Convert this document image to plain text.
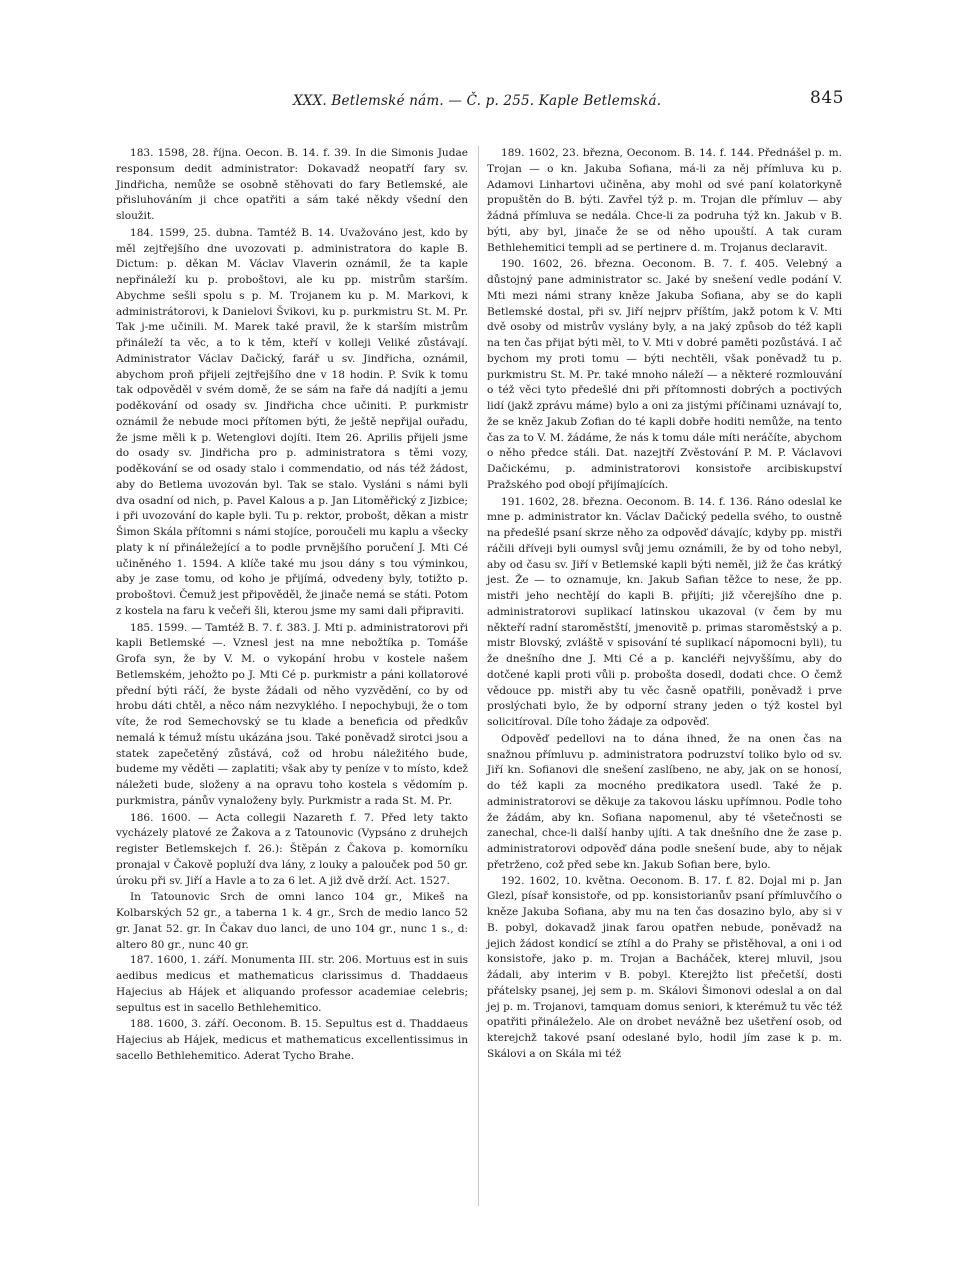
XXX. Betlemské nám. — Č. p. 255. Kaple Betlemská.	845

183. 1598, 28. října. Oecon. B. 14. f. 39. In die Simonis Judae responsum dedit administrator: Dokavadž neopatří fary sv. Jindřicha, nemůže se osobně stěhovati do fary Betlemské, ale přisluhováním ji chce opatřiti a sám také někdy všední den sloužit.

184. 1599, 25. dubna. Tamtéž B. 14. Uvažováno jest, kdo by měl zejtřejšího dne uvozovati p. administratora do kaple B. Dictum: p. děkan M. Václav Vlaverin oznámil, že ta kaple nepřináleží ku p. proboštovi, ale ku pp. mistrům starším. Abychme sešli spolu s p. M. Trojanem ku p. M. Markovi, k administrátorovi, k Danielovi Švikovi, ku p. purkmistru St. M. Pr. Tak j-me učinili. M. Marek také pravil, že k starším mistrům přináleží ta věc, a to k těm, kteří v kolleji Veliké zůstávají. Administrator Václav Dačický, farář u sv. Jindřicha, oznámil, abychom proň přijeli zejtřejšího dne v 18 hodin. P. Svik k tomu tak odpověděl v svém domě, že se sám na faře dá nadjíti a jemu poděkování od osady sv. Jindřicha chce učiniti. P. purkmistr oznámil že nebude moci přítomen býti, že ještě nepřijal ouřadu, že jsme měli k p. Wetenglovi dojíti. Item 26. Aprilis přijeli jsme do osady sv. Jindřicha pro p. administratora s těmi vozy, poděkování se od osady stalo i commendatio, od nás též žádost, aby do Betlema uvozován byl. Tak se stalo. Vysláni s námi byli dva osadní od nich, p. Pavel Kalous a p. Jan Litoměřický z Jizbice; i při uvozování do kaple byli. Tu p. rektor, probošt, děkan a mistr Šimon Skála přítomni s námi stojíce, poroučeli mu kaplu a všecky platy k ní přináležející a to podle prvnějšího poručení J. Mti Cé učiněného 1. 1594. A klíče také mu jsou dány s tou výminkou, aby je zase tomu, od koho je přijímá, odvedeny byly, totižto p. proboštovi. Čemuž jest připověděl, že jinače nemá se státi. Potom z kostela na faru k večeři šli, kterou jsme my sami dali připraviti.

185. 1599. — Tamtéž B. 7. f. 383. J. Mti p. administratorovi při kapli Betlemské —. Vznesl jest na mne nebožtíka p. Tomáše Grofa syn, že by V. M. o vykopání hrobu v kostele našem Betlemském, jehožto po J. Mti Cé p. purkmistr a páni kollatorové přední býti ráčí, že byste žádali od něho vyzvědění, co by od hrobu dáti chtěl, a něco nám nezvyklého. I nepochybuji, že o tom víte, že rod Semechovský se tu klade a beneficia od předkův nemalá k témuž místu ukázána jsou. Také poněvadž sirotci jsou a statek zapečetěný zůstává, což od hrobu náležitého bude, budeme my věděti — zaplatiti; však aby ty peníze v to místo, kdež náležeti bude, složeny a na opravu toho kostela s vědomím p. purkmistra, pánův vynaloženy byly. Purkmistr a rada St. M. Pr.

186. 1600. — Acta collegii Nazareth f. 7. Před lety takto vycházely platové ze Žakova a z Tatounovic (Vypsáno z druhejch register Betlemskejch f. 26.): Štěpán z Čakova p. komorníku pronajal v Čakově popluží dva lány, z louky a palouček pod 50 gr. úroku při sv. Jiří a Havle a to za 6 let. A již dvě drží. Act. 1527.

In Tatounovic Srch de omni lanco 104 gr., Mikeš na Kolbarských 52 gr., a taberna 1 k. 4 gr., Srch de medio lanco 52 gr. Janat 52. gr. In Čakav duo lanci, de uno 104 gr., nunc 1 s., d: altero 80 gr., nunc 40 gr.

187. 1600, 1. září. Monumenta III. str. 206. Mortuus est in suis aedibus medicus et mathematicus clarissimus d. Thaddaeus Hajecius ab Hájek et aliquando professor academiae celebris; sepultus est in sacello Bethlehemitico.

188. 1600, 3. září. Oeconom. B. 15. Sepultus est d. Thaddaeus Hajecius ab Hájek, medicus et mathematicus excellentissimus in sacello Bethlehemitico. Aderat Tycho Brahe.

189. 1602, 23. března, Oeconom. B. 14. f. 144. Přednášel p. m. Trojan — o kn. Jakuba Sofiana, má-li za něj přímluva ku p. Adamovi Linhartovi učiněna, aby mohl od své paní kolatorkyně propuštěn do B. býti. Zavřel týž p. m. Trojan dle přímluv — aby žádná přímluva se nedála. Chce-li za podruha týž kn. Jakub v B. býti, aby byl, jinače že se od něho upouští. A tak curam Bethlehemitici templi ad se pertinere d. m. Trojanus declaravit.

190. 1602, 26. března. Oeconom. B. 7. f. 405. Velebný a důstojný pane administrator sc. Jaké by snešení vedle podání V. Mti mezi námi strany kněze Jakuba Sofiana, aby se do kapli Betlemské dostal, při sv. Jiří nejprv příštím, jakž potom k V. Mti dvě osoby od mistrův vyslány byly, a na jaký způsob do též kapli na ten čas přijat býti měl, to V. Mti v dobré paměti pozůstává. I ač bychom my proti tomu — býti nechtěli, však poněvadž tu p. purkmistru St. M. Pr. také mnoho náleží — a některé rozmlouvání o též věci tyto předešlé dni při přítomnosti dobrých a poctivých lidí (jakž zprávu máme) bylo a oni za jistými příčinami uznávají to, že se kněz Jakub Zofian do té kapli dobře hoditi nemůže, na tento čas za to V. M. žádáme, že nás k tomu dále míti neráčíte, abychom o něho předce stáli. Dat. nazejtří Zvěstování P. M. P. Václavovi Dačickému, p. administratorovi konsistoře arcibiskupství Pražského pod obojí přijímajících.

191. 1602, 28. března. Oeconom. B. 14. f. 136. Ráno odeslal ke mne p. administrator kn. Václav Dačický pedella svého, to oustně na předešlé psaní skrze něho za odpověď dávajíc, kdyby pp. mistři ráčili dříveji byli oumysl svůj jemu oznámili, že by od toho nebyl, aby od času sv. Jiří v Betlemské kapli býti neměl, již že čas krátký jest. Že — to oznamuje, kn. Jakub Safian těžce to nese, že pp. mistři jeho nechtějí do kapli B. přijíti; již včerejšího dne p. administratorovi suplikací latinskou ukazoval (v čem by mu někteří radní staroměstští, jmenovitě p. primas staroměstský a p. mistr Blovský, zvláště v spisování té suplikací nápomocni byli), tu že dnešního dne J. Mti Cé a p. kancléři nejvyššímu, aby do dotčené kapli proti vůli p. probošta dosedl, dodati chce. O čemž vědouce pp. mistři aby tu věc časně opatřili, poněvadž i prve proslýchati bylo, že by odporní strany jeden o týž kostel byl solicitíroval. Díle toho žádaje za odpověď.

Odpověď pedellovi na to dána ihned, že na onen čas na snažnou přímluvu p. administratora podruzství toliko bylo od sv. Jiří kn. Sofianovi dle snešení zaslíbeno, ne aby, jak on se honosí, do též kapli za mocného predikatora usedl. Také že p. administratorovi se děkuje za takovou lásku upřímnou. Podle toho že žádám, aby kn. Sofiana napomenul, aby té všetečnosti se zanechal, chce-li další hanby ujíti. A tak dnešního dne že zase p. administratorovi odpověď dána podle snešení bude, aby to nějak přetrženo, což před sebe kn. Jakub Sofian bere, bylo.

192. 1602, 10. května. Oeconom. B. 17. f. 82. Dojal mi p. Jan Glezl, písař konsistoře, od pp. konsistorianův psaní přímluvčího o kněze Jakuba Sofiana, aby mu na ten čas dosazino bylo, aby si v B. pobyl, dokavadž jinak farou opatřen nebude, poněvadž na jejich žádost kondicí se ztíhl a do Prahy se přistěhoval, a oni i od konsistoře, jako p. m. Trojan a Bacháček, kterej mluvil, jsou žádali, aby interim v B. pobyl. Kterejžto list přečetší, dosti přátelsky psanej, jej sem p. m. Skálovi Šimonovi odeslal a on dal jej p. m. Trojanovi, tamquam domus seniori, k kterémuž tu věc též opatřiti přináleželo. Ale on drobet nevážně bez ušetření osob, od kterejchž takové psaní odeslané bylo, hodil jím zase k p. m. Skálovi a on Skála mi též
